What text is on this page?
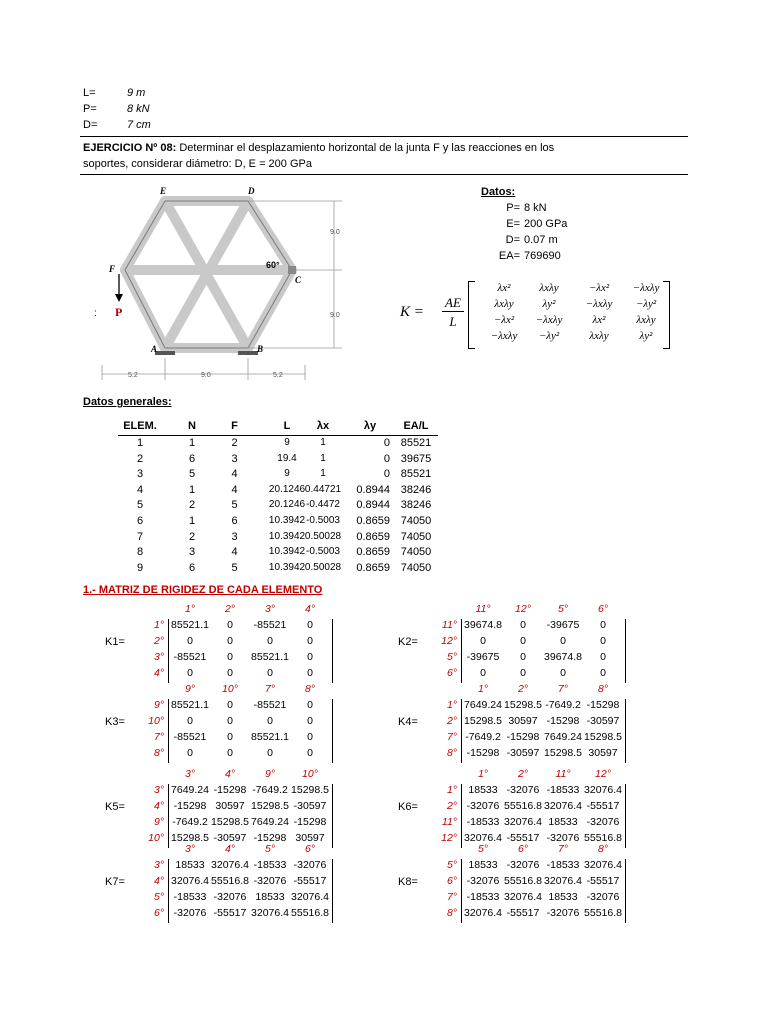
L=	9 m
P=	8 kN
D=	7 cm
EJERCICIO Nº 08: Determinar el desplazamiento horizontal de la junta F y las reacciones en los
soportes, considerar diámetro: D, E = 200 GPa
E	D
F
C
A	B
60°
9.0
9.0
5.2	9.0	5.2
P
:
Datos:
P= 8 kN
E= 200 GPa
D= 0.07 m
EA= 769690
K =
AE
L
λx²	λxλy	−λx²	−λxλy
λxλy	λy²	−λxλy	−λy²
−λx²	−λxλy	λx²	λxλy
−λxλy	−λy²	λxλy	λy²
Datos generales:
ELEM.	N	F	L	λx	λy	EA/L
1	1	2	9	1	0 85521
2	6	3	19.4	1	0 39675
3	5	4	9	1	0 85521
4	1	4	20.1246 0.44721	0.8944 38246
5	2	5	20.1246 -0.4472	0.8944 38246
6	1	6	10.3942 -0.5003	0.8659 74050
7	2	3	10.3942 0.50028	0.8659 74050
8	3	4	10.3942 -0.5003	0.8659 74050
9	6	5	10.3942 0.50028	0.8659 74050
1.- MATRIZ DE RIGIDEZ DE CADA ELEMENTO
1°	2°	3°	4°
1°
2°
3°
4°
K1=
85521.1	0	-85521	0
0	0	0	0
-85521	0	85521.1	0
0	0	0	0
11°	12°	5°	6°
11°
12°
5°
6°
K2=
39674.8	0	-39675	0
0	0	0	0
-39675	0	39674.8	0
0	0	0	0
9°	10°	7°	8°
9°
10°
7°
8°
K3=
85521.1	0	-85521	0
0	0	0	0
-85521	0	85521.1	0
0	0	0	0
1°	2°	7°	8°
1°
2°
7°
8°
K4=
7649.24 15298.5 -7649.2 -15298
15298.5 30597 -15298 -30597
-7649.2 -15298 7649.24 15298.5
-15298 -30597 15298.5 30597
3°	4°	9°	10°
3°
4°
9°
10°
K5=
7649.24 -15298 -7649.2 15298.5
-15298 30597 15298.5 -30597
-7649.2 15298.5 7649.24 -15298
15298.5 -30597 -15298 30597
1°	2°	11°	12°
1°
2°
11°
12°
K6=
18533 -32076 -18533 32076.4
-32076 55516.8 32076.4 -55517
-18533 32076.4 18533 -32076
32076.4 -55517 -32076 55516.8
3°	4°	5°	6°
3°
4°
5°
6°
K7=
18533 32076.4 -18533 -32076
32076.4 55516.8 -32076 -55517
-18533 -32076 18533 32076.4
-32076 -55517 32076.4 55516.8
5°	6°	7°	8°
5°
6°
7°
8°
K8=
18533 -32076 -18533 32076.4
-32076 55516.8 32076.4 -55517
-18533 32076.4 18533 -32076
32076.4 -55517 -32076 55516.8
